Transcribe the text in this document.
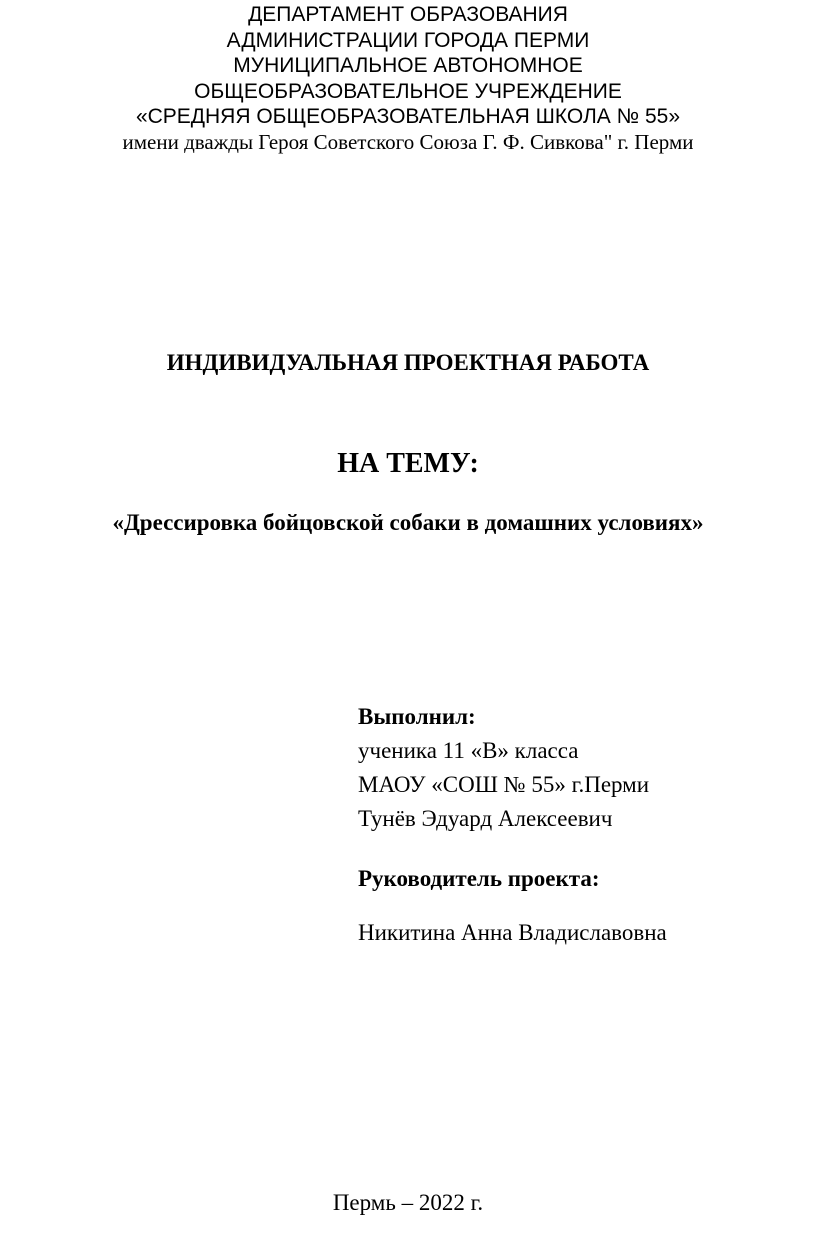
ДЕПАРТАМЕНТ ОБРАЗОВАНИЯ
АДМИНИСТРАЦИИ ГОРОДА ПЕРМИ
МУНИЦИПАЛЬНОЕ АВТОНОМНОЕ
ОБЩЕОБРАЗОВАТЕЛЬНОЕ УЧРЕЖДЕНИЕ
«СРЕДНЯЯ ОБЩЕОБРАЗОВАТЕЛЬНАЯ ШКОЛА № 55»
имени дважды Героя Советского Союза Г. Ф. Сивкова" г. Перми
ИНДИВИДУАЛЬНАЯ ПРОЕКТНАЯ РАБОТА
НА ТЕМУ:
«Дрессировка бойцовской собаки в домашних условиях»
Выполнил:
ученика 11 «В» класса
МАОУ «СОШ № 55» г.Перми
Тунёв Эдуард Алексеевич
Руководитель проекта:
Никитина Анна Владиславовна
Пермь – 2022 г.
